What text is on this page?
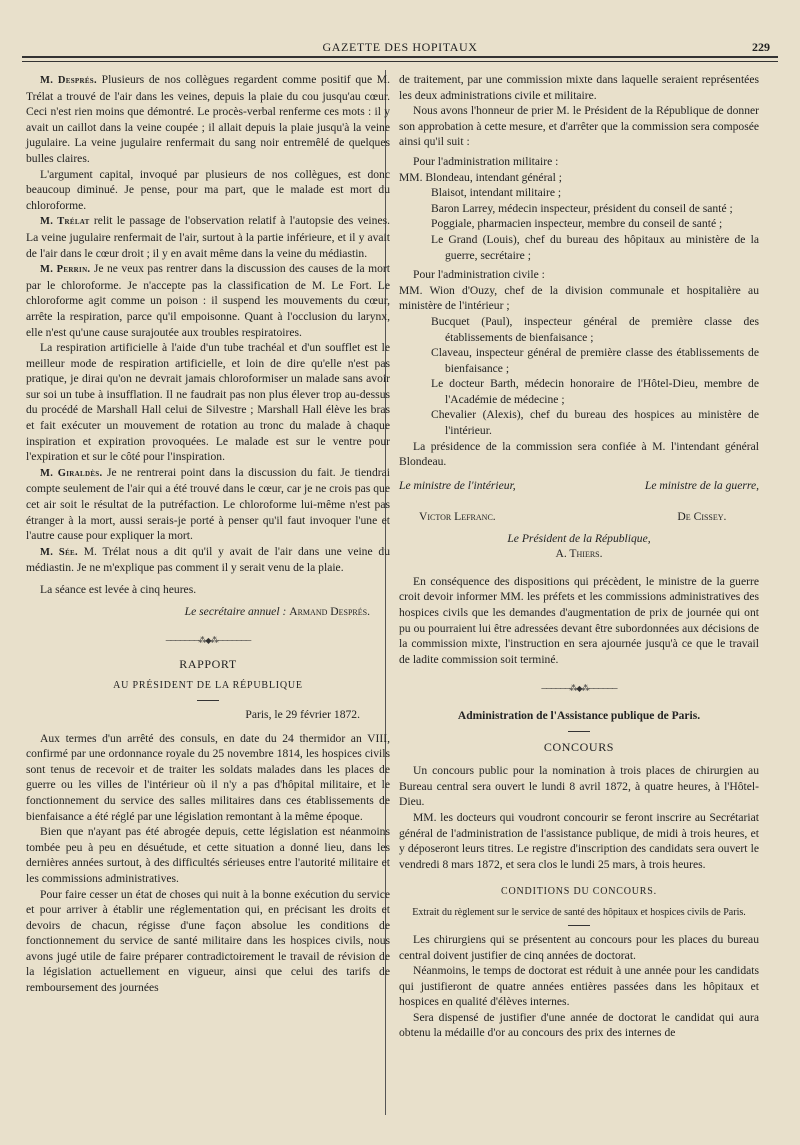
GAZETTE DES HOPITAUX	229

M. Després. Plusieurs de nos collègues regardent comme positif que M. Trélat a trouvé de l'air dans les veines, depuis la plaie du cou jusqu'au cœur. Ceci n'est rien moins que démontré. Le procès-verbal renferme ces mots : il y avait un caillot dans la veine coupée ; il allait depuis la plaie jusqu'à la veine jugulaire. La veine jugulaire renfermait du sang noir entremêlé de quelques bulles claires.

L'argument capital, invoqué par plusieurs de nos collègues, est donc beaucoup diminué. Je pense, pour ma part, que le malade est mort du chloroforme.

M. Trélat relit le passage de l'observation relatif à l'autopsie des veines. La veine jugulaire renfermait de l'air, surtout à la partie inférieure, et il y avait de l'air dans le cœur droit ; il y en avait même dans la veine du médiastin.

M. Perrin. Je ne veux pas rentrer dans la discussion des causes de la mort par le chloroforme. Je n'accepte pas la classification de M. Le Fort. Le chloroforme agit comme un poison : il suspend les mouvements du cœur, arrête la respiration, parce qu'il empoisonne. Quant à l'occlusion du larynx, elle n'est qu'une cause surajoutée aux troubles respiratoires.

La respiration artificielle à l'aide d'un tube trachéal et d'un soufflet est le meilleur mode de respiration artificielle, et loin de dire qu'elle n'est pas pratique, je dirai qu'on ne devrait jamais chloroformiser un malade sans avoir sur soi un tube à insufflation. Il ne faudrait pas non plus élever trop au-dessus du procédé de Marshall Hall celui de Silvestre ; Marshall Hall élève les bras et fait exécuter un mouvement de rotation au tronc du malade à chaque inspiration et expiration provoquées. Le malade est sur le ventre pour l'expiration et sur le côté pour l'inspiration.

M. Giraldès. Je ne rentrerai point dans la discussion du fait. Je tiendrai compte seulement de l'air qui a été trouvé dans le cœur, car je ne crois pas que cet air soit le résultat de la putréfaction. Le chloroforme lui-même n'est pas étranger à la mort, aussi serais-je porté à penser qu'il faut invoquer l'une et l'autre cause pour expliquer la mort.

M. Sée. M. Trélat nous a dit qu'il y avait de l'air dans une veine du médiastin. Je ne m'explique pas comment il y serait venu de la plaie.

La séance est levée à cinq heures.

Le secrétaire annuel : Armand Després.

───────⁂◆⁂───────

RAPPORT

AU PRÉSIDENT DE LA RÉPUBLIQUE

Paris, le 29 février 1872.

Aux termes d'un arrêté des consuls, en date du 24 thermidor an VIII, confirmé par une ordonnance royale du 25 novembre 1814, les hospices civils sont tenus de recevoir et de traiter les soldats malades dans les places de guerre ou les villes de l'intérieur où il n'y a pas d'hôpital militaire, et le fonctionnement du service des salles militaires dans ces établissements de bienfaisance a été réglé par une législation remontant à la même époque.

Bien que n'ayant pas été abrogée depuis, cette législation est néanmoins tombée peu à peu en désuétude, et cette situation a donné lieu, dans les dernières années surtout, à des difficultés sérieuses entre l'autorité militaire et les commissions administratives.

Pour faire cesser un état de choses qui nuit à la bonne exécution du service et pour arriver à établir une réglementation qui, en précisant les droits et devoirs de chacun, régisse d'une façon absolue les conditions de fonctionnement du service de santé militaire dans les hospices civils, nous avons jugé utile de faire préparer contradictoirement le travail de révision de la législation actuellement en vigueur, ainsi que celui des tarifs de remboursement des journées

de traitement, par une commission mixte dans laquelle seraient représentées les deux administrations civile et militaire.

Nous avons l'honneur de prier M. le Président de la République de donner son approbation à cette mesure, et d'arrêter que la commission sera composée ainsi qu'il suit :

Pour l'administration militaire :

MM. Blondeau, intendant général ;

Blaisot, intendant militaire ;

Baron Larrey, médecin inspecteur, président du conseil de santé ;

Poggiale, pharmacien inspecteur, membre du conseil de santé ;

Le Grand (Louis), chef du bureau des hôpitaux au ministère de la guerre, secrétaire ;

Pour l'administration civile :

MM. Wion d'Ouzy, chef de la division communale et hospitalière au ministère de l'intérieur ;

Bucquet (Paul), inspecteur général de première classe des établissements de bienfaisance ;

Claveau, inspecteur général de première classe des établissements de bienfaisance ;

Le docteur Barth, médecin honoraire de l'Hôtel-Dieu, membre de l'Académie de médecine ;

Chevalier (Alexis), chef du bureau des hospices au ministère de l'intérieur.

La présidence de la commission sera confiée à M. l'intendant général Blondeau.

Le ministre de l'intérieur,

Victor Lefranc.
Le ministre de la guerre,

De Cissey.

Le Président de la République,
A. Thiers.

En conséquence des dispositions qui précèdent, le ministre de la guerre croit devoir informer MM. les préfets et les commissions administratives des hospices civils que les demandes d'augmentation de prix de journée qui ont pu ou pourraient lui être adressées devant être subordonnées aux décisions de la commission mixte, l'instruction en sera ajournée jusqu'à ce que le travail de ladite commission soit terminé.

──────⁂◆⁂──────

Administration de l'Assistance publique de Paris.

CONCOURS

Un concours public pour la nomination à trois places de chirurgien au Bureau central sera ouvert le lundi 8 avril 1872, à quatre heures, à l'Hôtel-Dieu.

MM. les docteurs qui voudront concourir se feront inscrire au Secrétariat général de l'administration de l'assistance publique, de midi à trois heures, et y déposeront leurs titres. Le registre d'inscription des candidats sera ouvert le vendredi 8 mars 1872, et sera clos le lundi 25 mars, à trois heures.

CONDITIONS DU CONCOURS.

Extrait du règlement sur le service de santé des hôpitaux et hospices civils de Paris.

Les chirurgiens qui se présentent au concours pour les places du bureau central doivent justifier de cinq années de doctorat.

Néanmoins, le temps de doctorat est réduit à une année pour les candidats qui justifieront de quatre années entières passées dans les hôpitaux et hospices en qualité d'élèves internes.

Sera dispensé de justifier d'une année de doctorat le candidat qui aura obtenu la médaille d'or au concours des prix des internes de
